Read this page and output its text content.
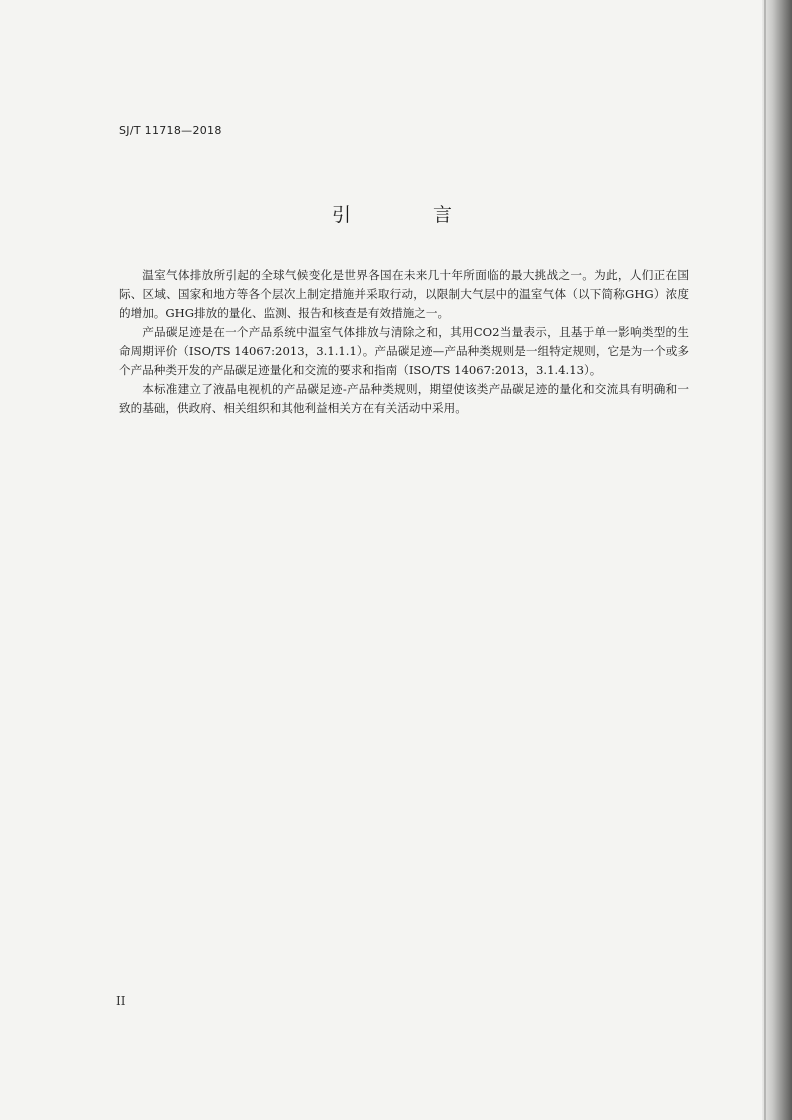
SJ/T 11718—2018
引 言

温室气体排放所引起的全球气候变化是世界各国在未来几十年所面临的最大挑战之一。为此，人们正在国际、区域、国家和地方等各个层次上制定措施并采取行动，以限制大气层中的温室气体（以下简称GHG）浓度的增加。GHG排放的量化、监测、报告和核查是有效措施之一。

产品碳足迹是在一个产品系统中温室气体排放与清除之和，其用CO2当量表示，且基于单一影响类型的生命周期评价（ISO/TS 14067:2013，3.1.1.1）。产品碳足迹—产品种类规则是一组特定规则，它是为一个或多个产品种类开发的产品碳足迹量化和交流的要求和指南（ISO/TS 14067:2013，3.1.4.13）。

本标准建立了液晶电视机的产品碳足迹-产品种类规则，期望使该类产品碳足迹的量化和交流具有明确和一致的基础，供政府、相关组织和其他利益相关方在有关活动中采用。

II
